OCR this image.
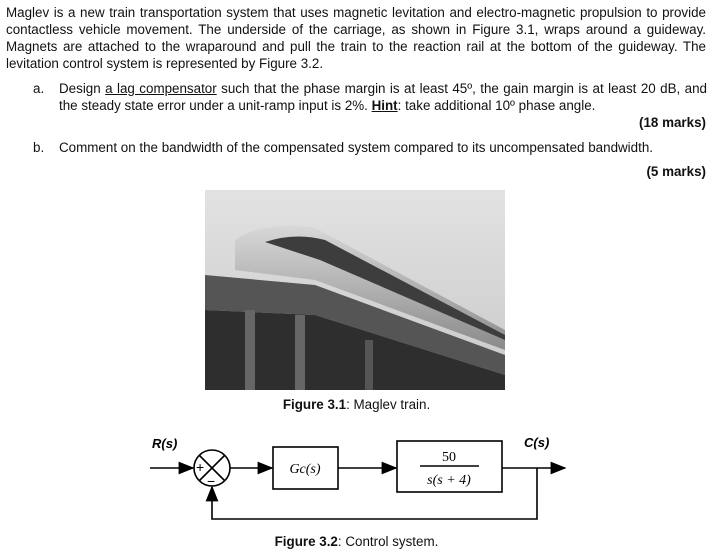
Maglev is a new train transportation system that uses magnetic levitation and electro-magnetic propulsion to provide contactless vehicle movement. The underside of the carriage, as shown in Figure 3.1, wraps around a guideway. Magnets are attached to the wraparound and pull the train to the reaction rail at the bottom of the guideway. The levitation control system is represented by Figure 3.2.
a. Design a lag compensator such that the phase margin is at least 45º, the gain margin is at least 20 dB, and the steady state error under a unit-ramp input is 2%. Hint: take additional 10º phase angle.
(18 marks)
b. Comment on the bandwidth of the compensated system compared to its uncompensated bandwidth.
(5 marks)
Figure 3.1: Maglev train.
+
−
R(s)	C(s)
Gc(s)
50
s(s + 4)
Figure 3.2: Control system.
